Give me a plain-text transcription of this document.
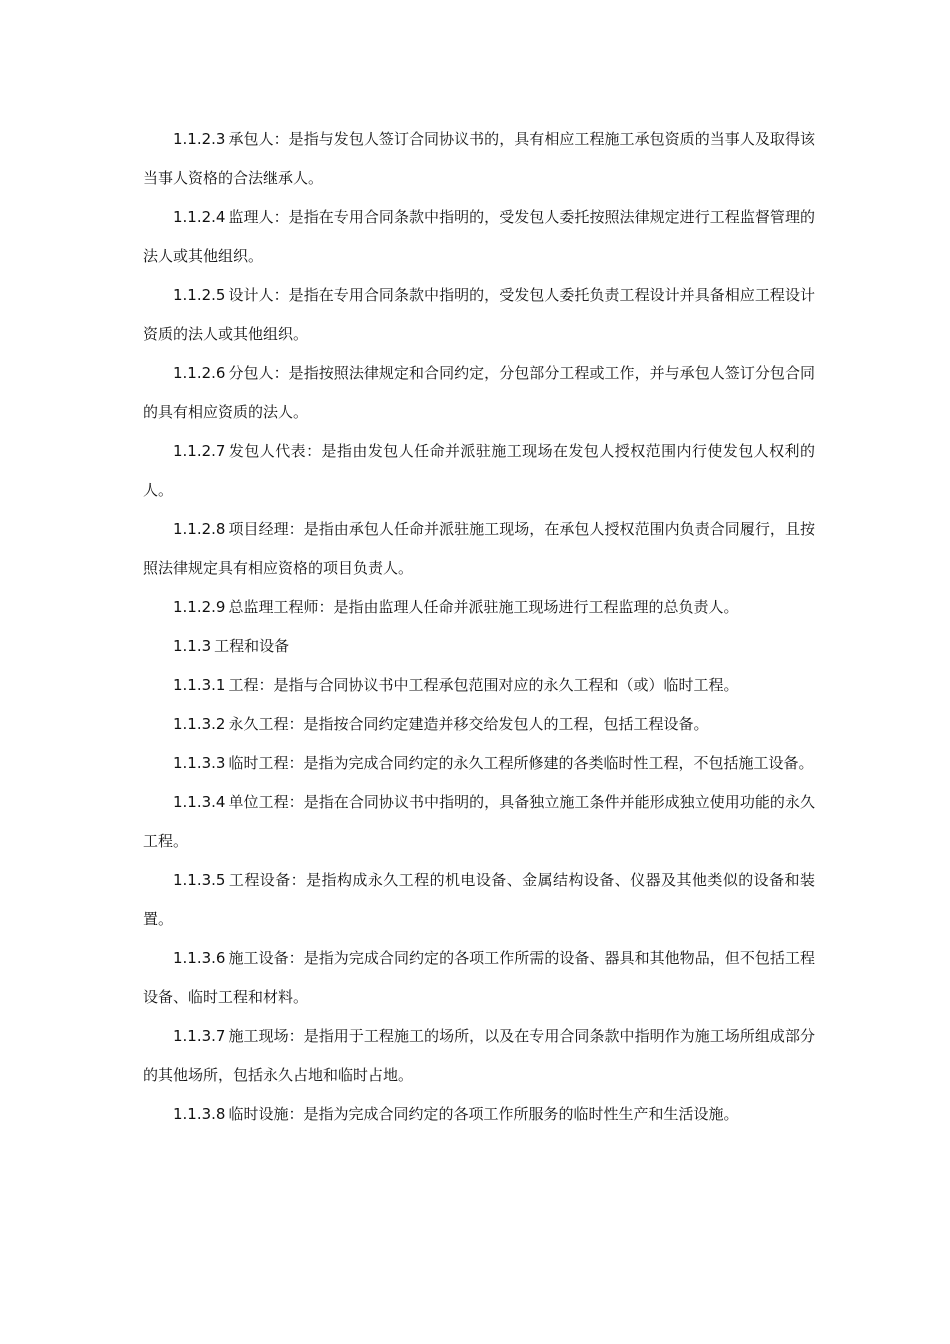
1.1.2.3 承包人：是指与发包人签订合同协议书的，具有相应工程施工承包资质的当事人及取得该当事人资格的合法继承人。

1.1.2.4 监理人：是指在专用合同条款中指明的，受发包人委托按照法律规定进行工程监督管理的法人或其他组织。

1.1.2.5 设计人：是指在专用合同条款中指明的，受发包人委托负责工程设计并具备相应工程设计资质的法人或其他组织。

1.1.2.6 分包人：是指按照法律规定和合同约定，分包部分工程或工作，并与承包人签订分包合同的具有相应资质的法人。

1.1.2.7 发包人代表：是指由发包人任命并派驻施工现场在发包人授权范围内行使发包人权利的人。

1.1.2.8 项目经理：是指由承包人任命并派驻施工现场，在承包人授权范围内负责合同履行，且按照法律规定具有相应资格的项目负责人。

1.1.2.9 总监理工程师：是指由监理人任命并派驻施工现场进行工程监理的总负责人。

1.1.3 工程和设备

1.1.3.1 工程：是指与合同协议书中工程承包范围对应的永久工程和（或）临时工程。

1.1.3.2 永久工程：是指按合同约定建造并移交给发包人的工程，包括工程设备。

1.1.3.3 临时工程：是指为完成合同约定的永久工程所修建的各类临时性工程，不包括施工设备。

1.1.3.4 单位工程：是指在合同协议书中指明的，具备独立施工条件并能形成独立使用功能的永久工程。

1.1.3.5 工程设备：是指构成永久工程的机电设备、金属结构设备、仪器及其他类似的设备和装置。

1.1.3.6 施工设备：是指为完成合同约定的各项工作所需的设备、器具和其他物品，但不包括工程设备、临时工程和材料。

1.1.3.7 施工现场：是指用于工程施工的场所，以及在专用合同条款中指明作为施工场所组成部分的其他场所，包括永久占地和临时占地。

1.1.3.8 临时设施：是指为完成合同约定的各项工作所服务的临时性生产和生活设施。
